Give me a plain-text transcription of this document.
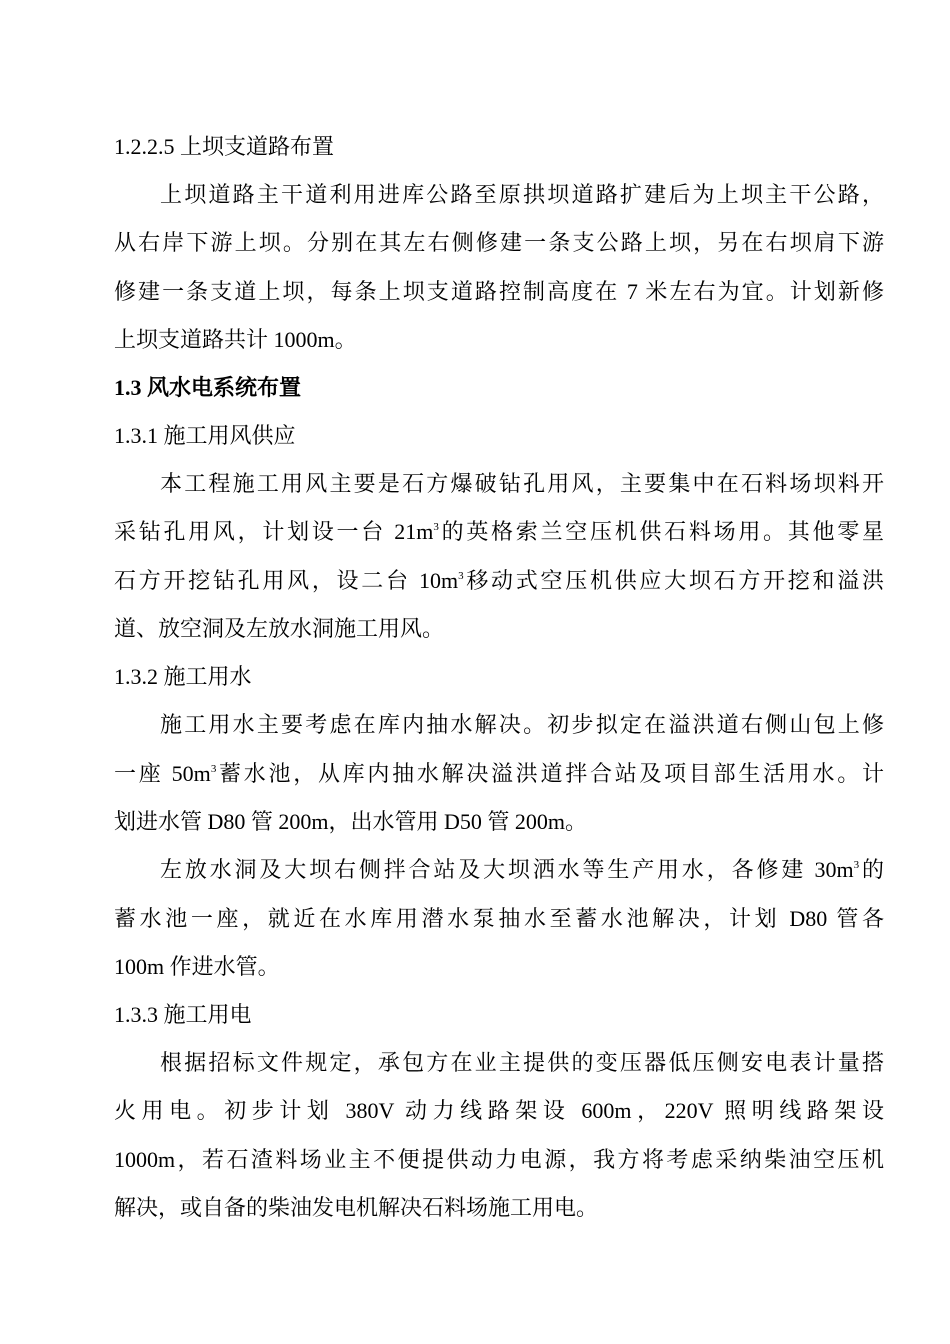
1.2.2.5 上坝支道路布置
上坝道路主干道利用进库公路至原拱坝道路扩建后为上坝主干公路，
从右岸下游上坝。分别在其左右侧修建一条支公路上坝，另在右坝肩下游
修建一条支道上坝，每条上坝支道路控制高度在 7 米左右为宜。计划新修
上坝支道路共计 1000m。
1.3 风水电系统布置
1.3.1 施工用风供应
本工程施工用风主要是石方爆破钻孔用风，主要集中在石料场坝料开
采钻孔用风，计划设一台 $21m^3$的英格索兰空压机供石料场用。其他零星
石方开挖钻孔用风，设二台 $10m^3$移动式空压机供应大坝石方开挖和溢洪
道、放空洞及左放水洞施工用风。
1.3.2 施工用水
施工用水主要考虑在库内抽水解决。初步拟定在溢洪道右侧山包上修
一座 $50m^3$蓄水池，从库内抽水解决溢洪道拌合站及项目部生活用水。计
划进水管 D80 管 200m，出水管用 D50 管 200m。
左放水洞及大坝右侧拌合站及大坝洒水等生产用水，各修建 $30m^3$的
蓄水池一座，就近在水库用潜水泵抽水至蓄水池解决，计划 D80 管各
100m 作进水管。
1.3.3 施工用电
根据招标文件规定，承包方在业主提供的变压器低压侧安电表计量搭
火用电。初步计划 380V 动力线路架设 600m，220V 照明线路架设
1000m，若石渣料场业主不便提供动力电源，我方将考虑采纳柴油空压机
解决，或自备的柴油发电机解决石料场施工用电。
